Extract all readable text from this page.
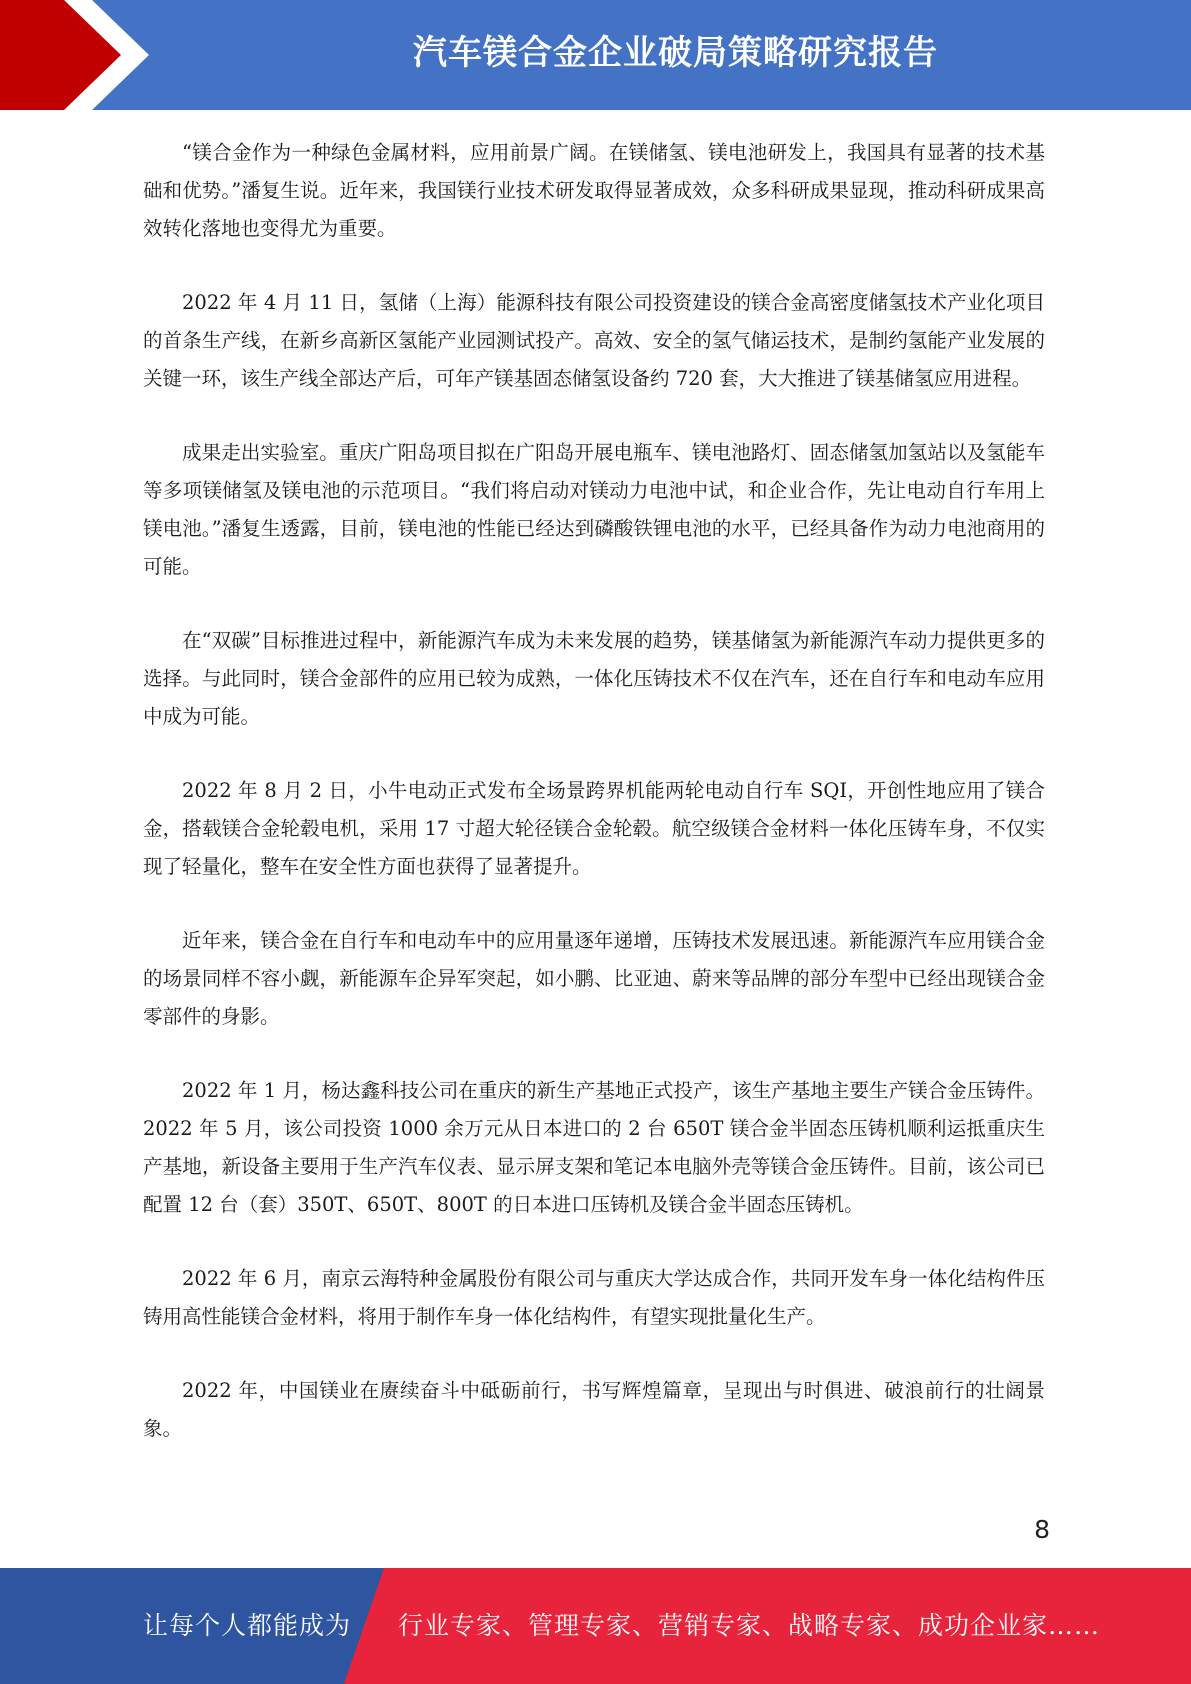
汽车镁合金企业破局策略研究报告

“镁合金作为一种绿色金属材料，应用前景广阔。在镁储氢、镁电池研发上，我国具有显著的技术基础和优势。”潘复生说。近年来，我国镁行业技术研发取得显著成效，众多科研成果显现，推动科研成果高效转化落地也变得尤为重要。

2022 年 4 月 11 日，氢储（上海）能源科技有限公司投资建设的镁合金高密度储氢技术产业化项目的首条生产线，在新乡高新区氢能产业园测试投产。高效、安全的氢气储运技术，是制约氢能产业发展的关键一环，该生产线全部达产后，可年产镁基固态储氢设备约 720 套，大大推进了镁基储氢应用进程。

成果走出实验室。重庆广阳岛项目拟在广阳岛开展电瓶车、镁电池路灯、固态储氢加氢站以及氢能车等多项镁储氢及镁电池的示范项目。“我们将启动对镁动力电池中试，和企业合作，先让电动自行车用上镁电池。”潘复生透露，目前，镁电池的性能已经达到磷酸铁锂电池的水平，已经具备作为动力电池商用的可能。

在“双碳”目标推进过程中，新能源汽车成为未来发展的趋势，镁基储氢为新能源汽车动力提供更多的选择。与此同时，镁合金部件的应用已较为成熟，一体化压铸技术不仅在汽车，还在自行车和电动车应用中成为可能。

2022 年 8 月 2 日，小牛电动正式发布全场景跨界机能两轮电动自行车 SQI，开创性地应用了镁合金，搭载镁合金轮毂电机，采用 17 寸超大轮径镁合金轮毂。航空级镁合金材料一体化压铸车身，不仅实现了轻量化，整车在安全性方面也获得了显著提升。

近年来，镁合金在自行车和电动车中的应用量逐年递增，压铸技术发展迅速。新能源汽车应用镁合金的场景同样不容小觑，新能源车企异军突起，如小鹏、比亚迪、蔚来等品牌的部分车型中已经出现镁合金零部件的身影。

2022 年 1 月，杨达鑫科技公司在重庆的新生产基地正式投产，该生产基地主要生产镁合金压铸件。2022 年 5 月，该公司投资 1000 余万元从日本进口的 2 台 650T 镁合金半固态压铸机顺利运抵重庆生产基地，新设备主要用于生产汽车仪表、显示屏支架和笔记本电脑外壳等镁合金压铸件。目前，该公司已配置 12 台（套）350T、650T、800T 的日本进口压铸机及镁合金半固态压铸机。

2022 年 6 月，南京云海特种金属股份有限公司与重庆大学达成合作，共同开发车身一体化结构件压铸用高性能镁合金材料，将用于制作车身一体化结构件，有望实现批量化生产。

2022 年，中国镁业在赓续奋斗中砥砺前行，书写辉煌篇章，呈现出与时俱进、破浪前行的壮阔景象。

8
让每个人都能成为 行业专家、管理专家、营销专家、战略专家、成功企业家……
